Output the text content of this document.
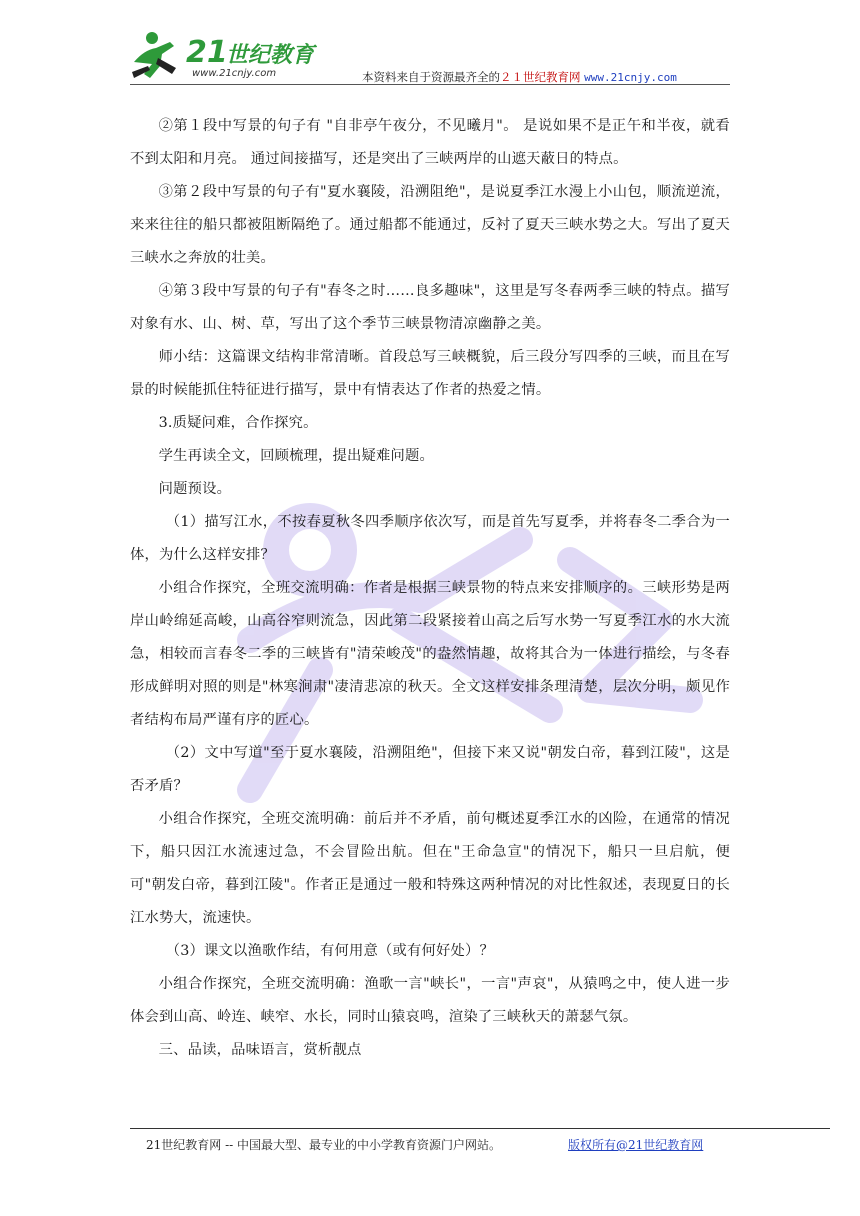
21
世纪教育
www.21cnjy.com	本资料来自于资源最齐全的２１世纪教育网 www.21cnjy.com

②第１段中写景的句子有 "自非亭午夜分，不见曦月"。 是说如果不是正午和半夜，就看不到太阳和月亮。 通过间接描写，还是突出了三峡两岸的山遮天蔽日的特点。

③第２段中写景的句子有"夏水襄陵，沿溯阻绝"，是说夏季江水漫上小山包，顺流逆流，来来往往的船只都被阻断隔绝了。通过船都不能通过，反衬了夏天三峡水势之大。写出了夏天三峡水之奔放的壮美。

④第３段中写景的句子有"春冬之时……良多趣味"，这里是写冬春两季三峡的特点。描写对象有水、山、树、草，写出了这个季节三峡景物清凉幽静之美。

师小结：这篇课文结构非常清晰。首段总写三峡概貌，后三段分写四季的三峡，而且在写景的时候能抓住特征进行描写，景中有情表达了作者的热爱之情。

3.质疑问难，合作探究。

学生再读全文，回顾梳理，提出疑难问题。

问题预设。

（1）描写江水，不按春夏秋冬四季顺序依次写，而是首先写夏季，并将春冬二季合为一体，为什么这样安排？

小组合作探究，全班交流明确：作者是根据三峡景物的特点来安排顺序的。三峡形势是两岸山岭绵延高峻，山高谷窄则流急，因此第二段紧接着山高之后写水势一写夏季江水的水大流急，相较而言春冬二季的三峡皆有"清荣峻茂"的盎然情趣，故将其合为一体进行描绘，与冬春形成鲜明对照的则是"林寒涧肃"凄清悲凉的秋天。全文这样安排条理清楚，层次分明，颇见作者结构布局严谨有序的匠心。

（2）文中写道"至于夏水襄陵，沿溯阻绝"，但接下来又说"朝发白帝，暮到江陵"，这是否矛盾？

小组合作探究，全班交流明确：前后并不矛盾，前句概述夏季江水的凶险，在通常的情况下，船只因江水流速过急，不会冒险出航。但在"王命急宣"的情况下，船只一旦启航，便可"朝发白帝，暮到江陵"。作者正是通过一般和特殊这两种情况的对比性叙述，表现夏日的长江水势大，流速快。

（3）课文以渔歌作结，有何用意（或有何好处）？

小组合作探究，全班交流明确：渔歌一言"峡长"，一言"声哀"，从猿鸣之中，使人进一步体会到山高、岭连、峡窄、水长，同时山猿哀鸣，渲染了三峡秋天的萧瑟气氛。

三、品读，品味语言，赏析靓点

21世纪教育网 -- 中国最大型、最专业的中小学教育资源门户网站。	版权所有@21世纪教育网
